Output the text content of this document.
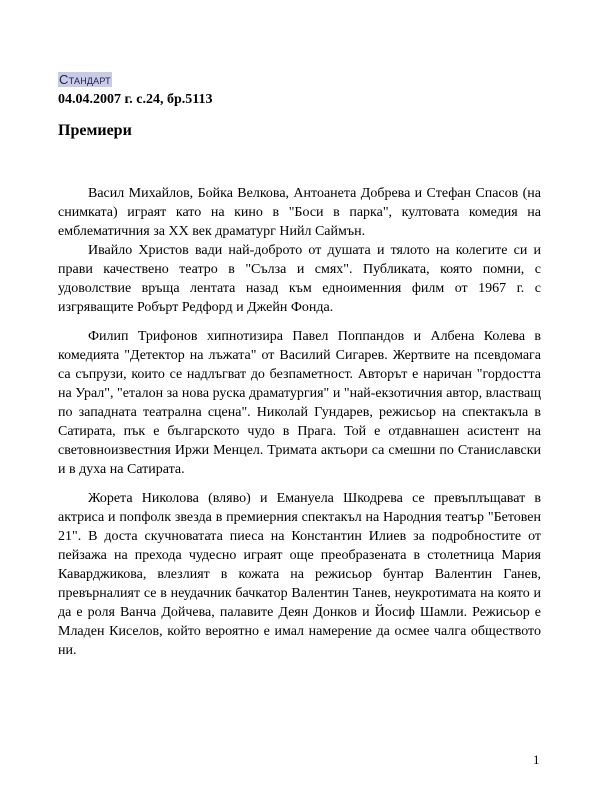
Стандарт
04.04.2007 г. с.24, бр.5113
Премиери

Васил Михайлов, Бойка Велкова, Антоанета Добрева и Стефан Спасов (на снимката) играят като на кино в "Боси в парка", култовата комедия на емблематичния за XX век драматург Нийл Саймън.

Ивайло Христов вади най-доброто от душата и тялото на колегите си и прави качествено театро в "Сълза и смях". Публиката, която помни, с удоволствие връща лентата назад към едноименния филм от 1967 г. с изгряващите Робърт Редфорд и Джейн Фонда.

Филип Трифонов хипнотизира Павел Поппандов и Албена Колева в комедията "Детектор на лъжата" от Василий Сигарев. Жертвите на псевдомага са съпрузи, които се надлъгват до безпаметност. Авторът е наричан "гордостта на Урал", "еталон за нова руска драматургия" и "най-екзотичния автор, властващ по западната театрална сцена". Николай Гундарев, режисьор на спектакъла в Сатирата, пък е българското чудо в Прага. Той е отдавнашен асистент на световноизвестния Иржи Менцел. Тримата актьори са смешни по Станиславски и в духа на Сатирата.

Жорета Николова (вляво) и Емануела Шкодрева се превъплъщават в актриса и попфолк звезда в премиерния спектакъл на Народния театър "Бетовен 21". В доста скучноватата пиеса на Константин Илиев за подробностите от пейзажа на прехода чудесно играят още преобразената в столетница Мария Каварджикова, влезлият в кожата на режисьор бунтар Валентин Ганев, превърналият се в неудачник бачкатор Валентин Танев, неукротимата на която и да е роля Ванча Дойчева, палавите Деян Донков и Йосиф Шамли. Режисьор е Младен Киселов, който вероятно е имал намерение да осмее чалга обществото ни.

1
